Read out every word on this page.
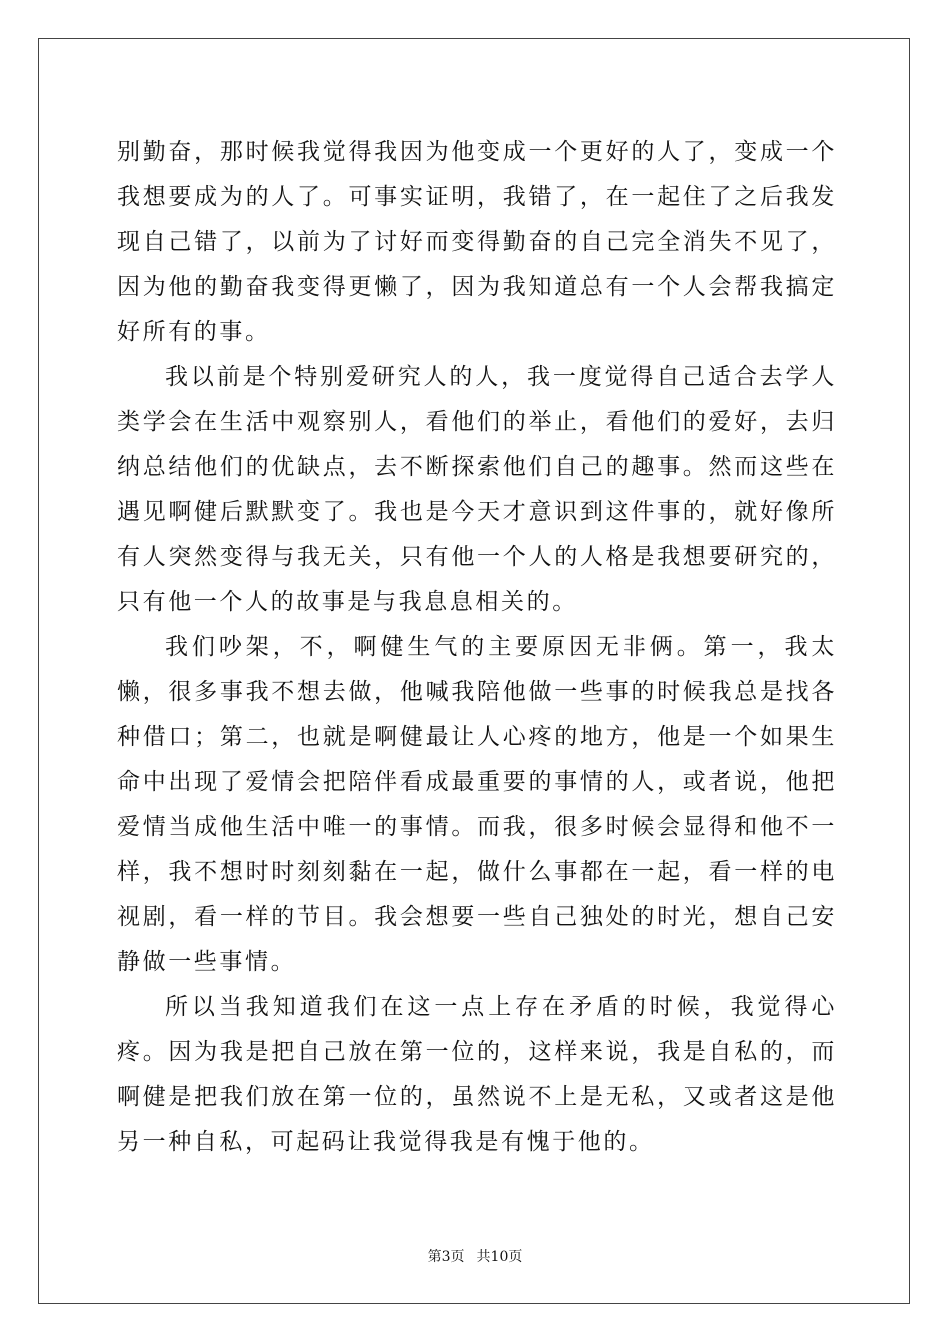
别勤奋，那时候我觉得我因为他变成一个更好的人了，变成一个我想要成为的人了。可事实证明，我错了，在一起住了之后我发现自己错了，以前为了讨好而变得勤奋的自己完全消失不见了，因为他的勤奋我变得更懒了，因为我知道总有一个人会帮我搞定好所有的事。

我以前是个特别爱研究人的人，我一度觉得自己适合去学人类学会在生活中观察别人，看他们的举止，看他们的爱好，去归纳总结他们的优缺点，去不断探索他们自己的趣事。然而这些在遇见啊健后默默变了。我也是今天才意识到这件事的，就好像所有人突然变得与我无关，只有他一个人的人格是我想要研究的，只有他一个人的故事是与我息息相关的。

我们吵架，不，啊健生气的主要原因无非俩。第一，我太懒，很多事我不想去做，他喊我陪他做一些事的时候我总是找各种借口；第二，也就是啊健最让人心疼的地方，他是一个如果生命中出现了爱情会把陪伴看成最重要的事情的人，或者说，他把爱情当成他生活中唯一的事情。而我，很多时候会显得和他不一样，我不想时时刻刻黏在一起，做什么事都在一起，看一样的电视剧，看一样的节目。我会想要一些自己独处的时光，想自己安静做一些事情。

所以当我知道我们在这一点上存在矛盾的时候，我觉得心疼。因为我是把自己放在第一位的，这样来说，我是自私的，而啊健是把我们放在第一位的，虽然说不上是无私，又或者这是他另一种自私，可起码让我觉得我是有愧于他的。

第3页 共10页
